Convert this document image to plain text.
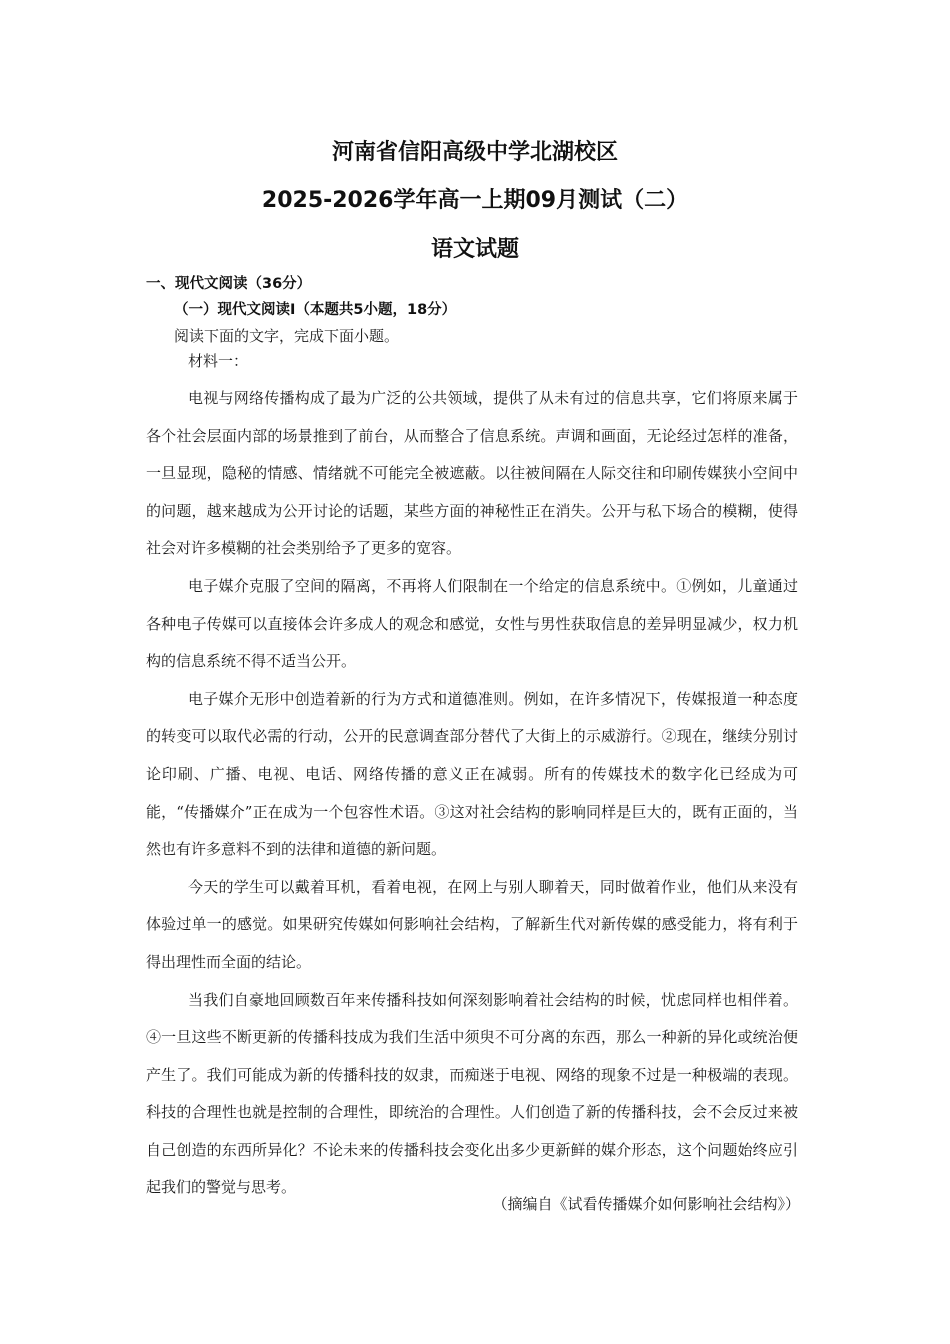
河南省信阳高级中学北湖校区
2025-2026学年高一上期09月测试（二）
语文试题
一、现代文阅读（36分）
（一）现代文阅读I（本题共5小题，18分）
阅读下面的文字，完成下面小题。
材料一：

电视与网络传播构成了最为广泛的公共领域，提供了从未有过的信息共享，它们将原来属于各个社会层面内部的场景推到了前台，从而整合了信息系统。声调和画面，无论经过怎样的准备，一旦显现，隐秘的情感、情绪就不可能完全被遮蔽。以往被间隔在人际交往和印刷传媒狭小空间中的问题，越来越成为公开讨论的话题，某些方面的神秘性正在消失。公开与私下场合的模糊，使得社会对许多模糊的社会类别给予了更多的宽容。

电子媒介克服了空间的隔离，不再将人们限制在一个给定的信息系统中。①例如，儿童通过各种电子传媒可以直接体会许多成人的观念和感觉，女性与男性获取信息的差异明显减少，权力机构的信息系统不得不适当公开。

电子媒介无形中创造着新的行为方式和道德准则。例如，在许多情况下，传媒报道一种态度的转变可以取代必需的行动，公开的民意调查部分替代了大街上的示威游行。②现在，继续分别讨论印刷、广播、电视、电话、网络传播的意义正在减弱。所有的传媒技术的数字化已经成为可能，“传播媒介”正在成为一个包容性术语。③这对社会结构的影响同样是巨大的，既有正面的，当然也有许多意料不到的法律和道德的新问题。

今天的学生可以戴着耳机，看着电视，在网上与别人聊着天，同时做着作业，他们从来没有体验过单一的感觉。如果研究传媒如何影响社会结构，了解新生代对新传媒的感受能力，将有利于得出理性而全面的结论。

当我们自豪地回顾数百年来传播科技如何深刻影响着社会结构的时候，忧虑同样也相伴着。④一旦这些不断更新的传播科技成为我们生活中须臾不可分离的东西，那么一种新的异化或统治便产生了。我们可能成为新的传播科技的奴隶，而痴迷于电视、网络的现象不过是一种极端的表现。科技的合理性也就是控制的合理性，即统治的合理性。人们创造了新的传播科技，会不会反过来被自己创造的东西所异化？不论未来的传播科技会变化出多少更新鲜的媒介形态，这个问题始终应引起我们的警觉与思考。

（摘编自《试看传播媒介如何影响社会结构》）
